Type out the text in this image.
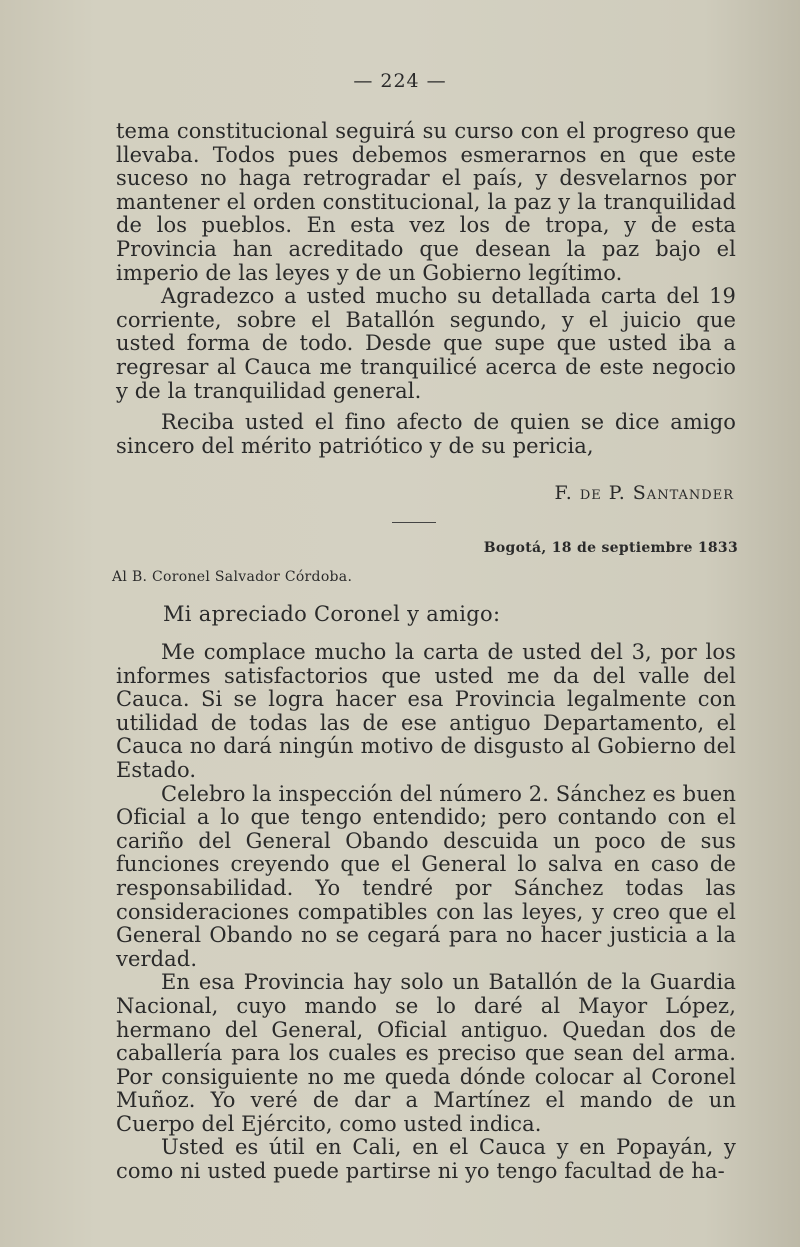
— 224 —

tema constitucional seguirá su curso con el progreso que llevaba. Todos pues debemos esmerarnos en que este suceso no haga retrogradar el país, y desvelarnos por mantener el orden constitucional, la paz y la tranquilidad de los pueblos. En esta vez los de tropa, y de esta Provincia han acreditado que desean la paz bajo el imperio de las leyes y de un Gobierno legítimo.

Agradezco a usted mucho su detallada carta del 19 corriente, sobre el Batallón segundo, y el juicio que usted forma de todo. Desde que supe que usted iba a regresar al Cauca me tranquilicé acerca de este negocio y de la tranquilidad general.

Reciba usted el fino afecto de quien se dice amigo sincero del mérito patriótico y de su pericia,

F. de P. Santander
Bogotá, 18 de septiembre 1833
Al B. Coronel Salvador Córdoba.
Mi apreciado Coronel y amigo:

Me complace mucho la carta de usted del 3, por los informes satisfactorios que usted me da del valle del Cauca. Si se logra hacer esa Provincia legalmente con utilidad de todas las de ese antiguo Departamento, el Cauca no dará ningún motivo de disgusto al Gobierno del Estado.

Celebro la inspección del número 2. Sánchez es buen Oficial a lo que tengo entendido; pero contando con el cariño del General Obando descuida un poco de sus funciones creyendo que el General lo salva en caso de responsabilidad. Yo tendré por Sánchez todas las consideraciones compatibles con las leyes, y creo que el General Obando no se cegará para no hacer justicia a la verdad.

En esa Provincia hay solo un Batallón de la Guardia Nacional, cuyo mando se lo daré al Mayor López, hermano del General, Oficial antiguo. Quedan dos de caballería para los cuales es preciso que sean del arma. Por consiguiente no me queda dónde colocar al Coronel Muñoz. Yo veré de dar a Martínez el mando de un Cuerpo del Ejército, como usted indica.

Usted es útil en Cali, en el Cauca y en Popayán, y como ni usted puede partirse ni yo tengo facultad de ha-
